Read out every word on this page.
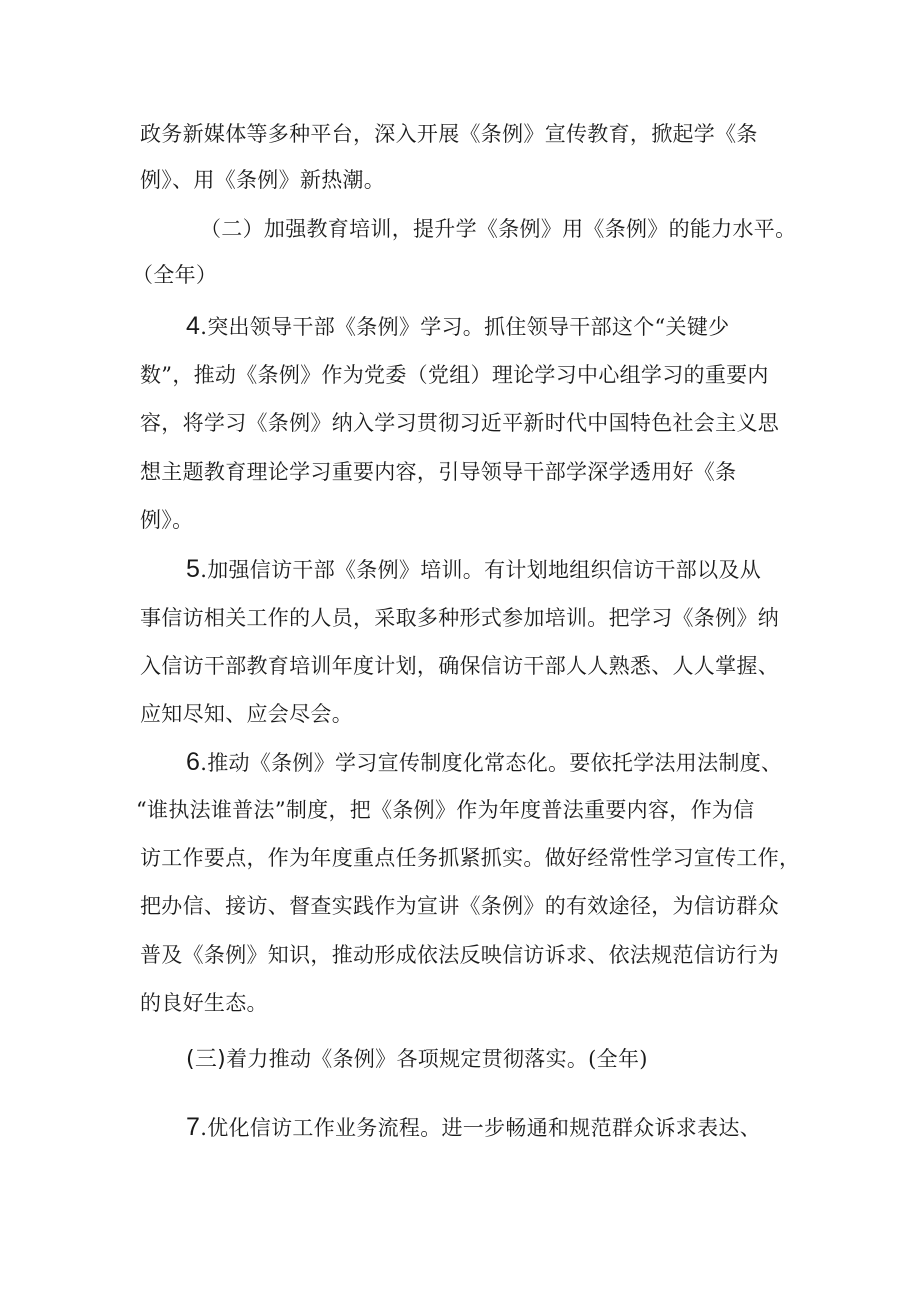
政务新媒体等多种平台，深入开展《条例》宣传教育，掀起学《条
例》、用《条例》新热潮。
（二）加强教育培训，提升学《条例》用《条例》的能力水平。
（全年）
4.突出领导干部《条例》学习。抓住领导干部这个“关键少
数”，推动《条例》作为党委（党组）理论学习中心组学习的重要内
容，将学习《条例》纳入学习贯彻习近平新时代中国特色社会主义思
想主题教育理论学习重要内容，引导领导干部学深学透用好《条
例》。
5.加强信访干部《条例》培训。有计划地组织信访干部以及从
事信访相关工作的人员，采取多种形式参加培训。把学习《条例》纳
入信访干部教育培训年度计划，确保信访干部人人熟悉、人人掌握、
应知尽知、应会尽会。
6.推动《条例》学习宣传制度化常态化。要依托学法用法制度、
“谁执法谁普法”制度，把《条例》作为年度普法重要内容，作为信
访工作要点，作为年度重点任务抓紧抓实。做好经常性学习宣传工作，
把办信、接访、督查实践作为宣讲《条例》的有效途径，为信访群众
普及《条例》知识，推动形成依法反映信访诉求、依法规范信访行为
的良好生态。
(三)着力推动《条例》各项规定贯彻落实。(全年)
7.优化信访工作业务流程。进一步畅通和规范群众诉求表达、
